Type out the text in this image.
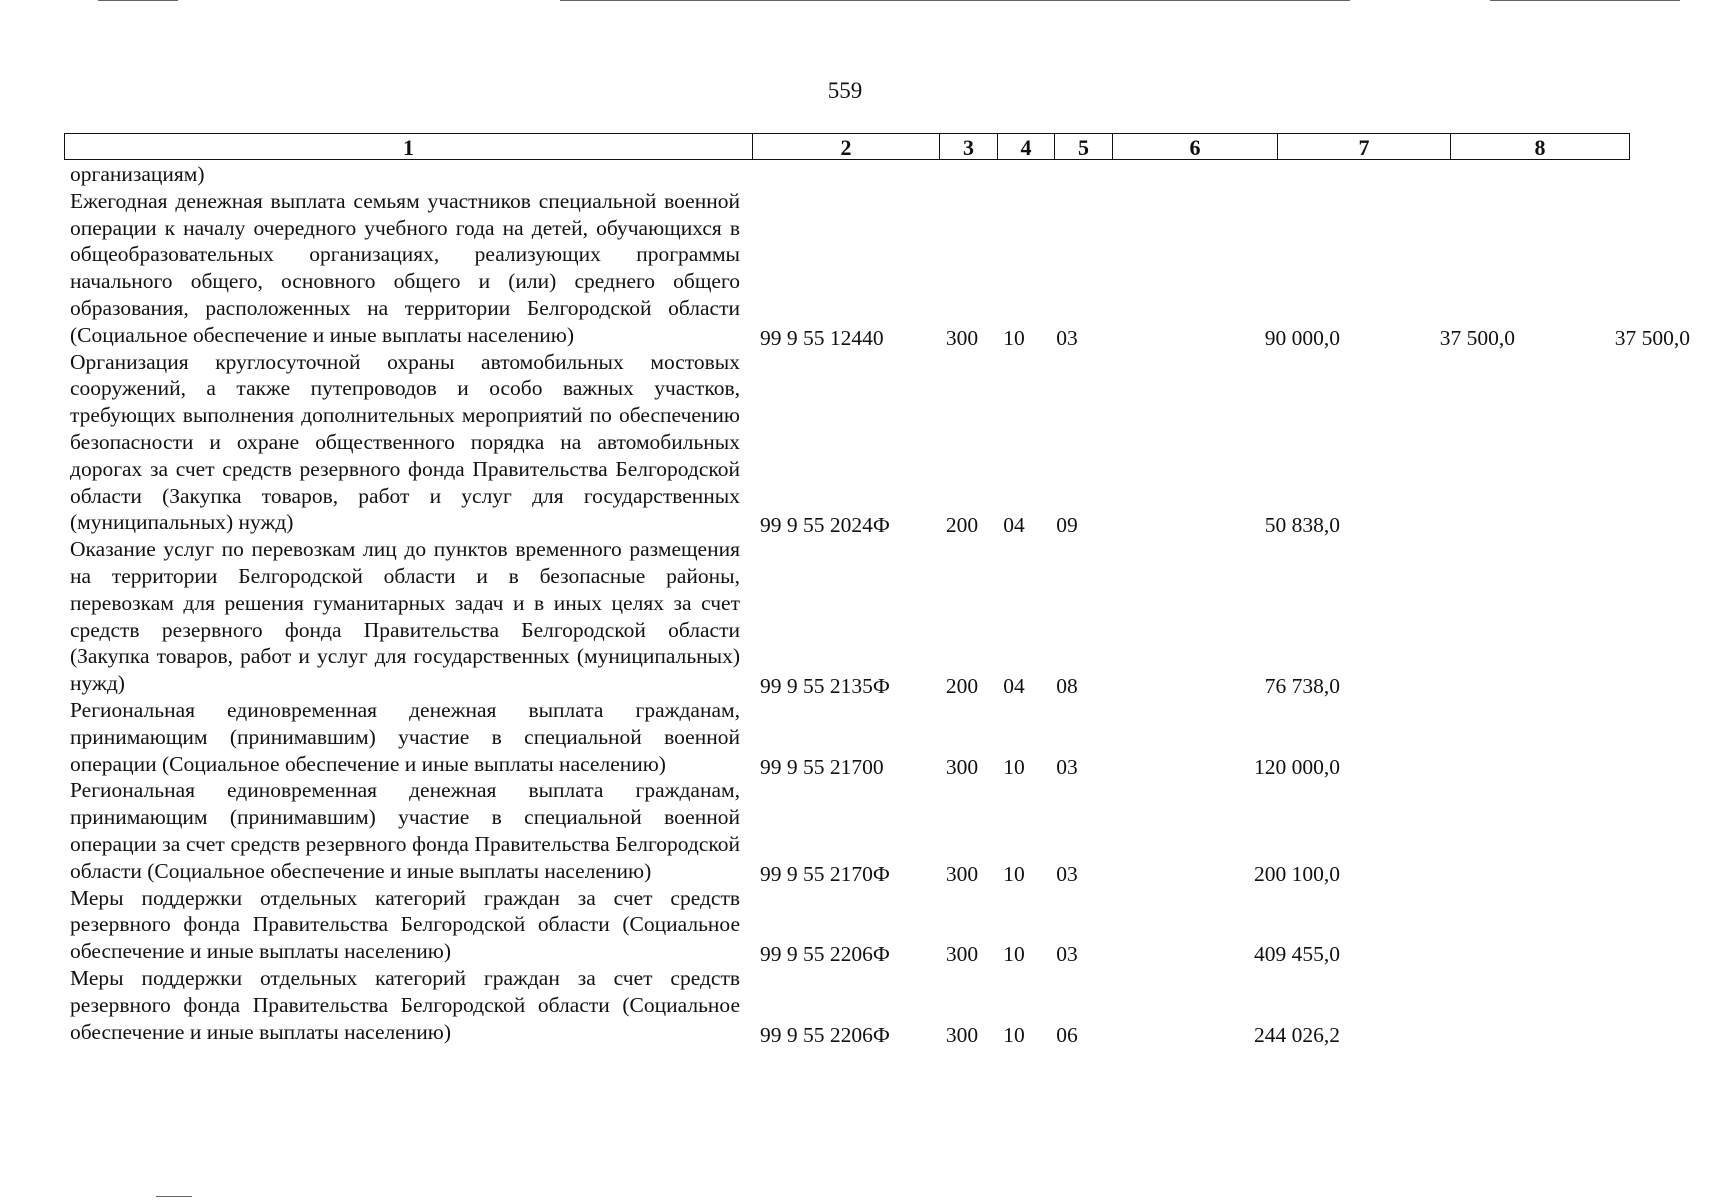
559
1	2	3	4	5	6	7	8
организациям)
Ежегодная денежная выплата семьям участников специальной военной операции к началу очередного учебного года на детей, обучающихся в общеобразовательных организациях, реализующих программы начального общего, основного общего и (или) среднего общего образования, расположенных на территории Белгородской области (Социальное обеспечение и иные выплаты населению)	99 9 55 12440	300	10	03	90 000,0	37 500,0	37 500,0
Организация круглосуточной охраны автомобильных мостовых сооружений, а также путепроводов и особо важных участков, требующих выполнения дополнительных мероприятий по обеспечению безопасности и охране общественного порядка на автомобильных дорогах за счет средств резервного фонда Правительства Белгородской области (Закупка товаров, работ и услуг для государственных (муниципальных) нужд)	99 9 55 2024Ф	200	04	09	50 838,0
Оказание услуг по перевозкам лиц до пунктов временного размещения на территории Белгородской области и в безопасные районы, перевозкам для решения гуманитарных задач и в иных целях за счет средств резервного фонда Правительства Белгородской области (Закупка товаров, работ и услуг для государственных (муниципальных) нужд)	99 9 55 2135Ф	200	04	08	76 738,0
Региональная единовременная денежная выплата гражданам, принимающим (принимавшим) участие в специальной военной операции (Социальное обеспечение и иные выплаты населению)	99 9 55 21700	300	10	03	120 000,0
Региональная единовременная денежная выплата гражданам, принимающим (принимавшим) участие в специальной военной операции за счет средств резервного фонда Правительства Белгородской области (Социальное обеспечение и иные выплаты населению)	99 9 55 2170Ф	300	10	03	200 100,0
Меры поддержки отдельных категорий граждан за счет средств резервного фонда Правительства Белгородской области (Социальное обеспечение и иные выплаты населению)	99 9 55 2206Ф	300	10	03	409 455,0
Меры поддержки отдельных категорий граждан за счет средств резервного фонда Правительства Белгородской области (Социальное обеспечение и иные выплаты населению)	99 9 55 2206Ф	300	10	06	244 026,2
